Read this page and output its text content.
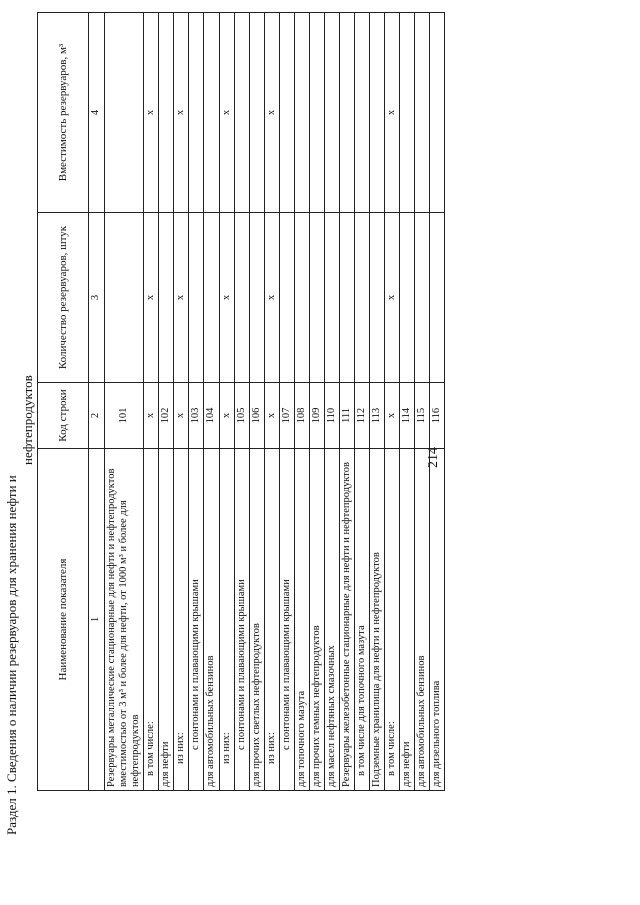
Раздел 1. Сведения о наличии резервуаров для хранения нефти и
нефтепродуктов	214
Наименование показателя	Код строки	Количество резервуаров, штук	Вместимость резервуаров, м³
1	2	3	4
Резервуары металлические стационарные для нефти и нефтепродуктов вместимостью от 3 м³ и более для нефти, от 1000 м³ и более для нефтепродуктов	101		
в том числе:	x	x	x
для нефти	102		
из них:	x	x	x
с понтонами и плавающими крышами	103		
для автомобильных бензинов	104		
из них:	x	x	x
с понтонами и плавающими крышами	105		
для прочих светлых нефтепродуктов	106		
из них:	x	x	x
с понтонами и плавающими крышами	107		
для топочного мазута	108		
для прочих темных нефтепродуктов	109		
для масел нефтяных смазочных	110		
Резервуары железобетонные стационарные для нефти и нефтепродуктов	111		
в том числе для топочного мазута	112		
Подземные хранилища для нефти и нефтепродуктов	113		
в том числе:	x	x	x
для нефти	114		
для автомобильных бензинов	115		
для дизельного топлива	116		
